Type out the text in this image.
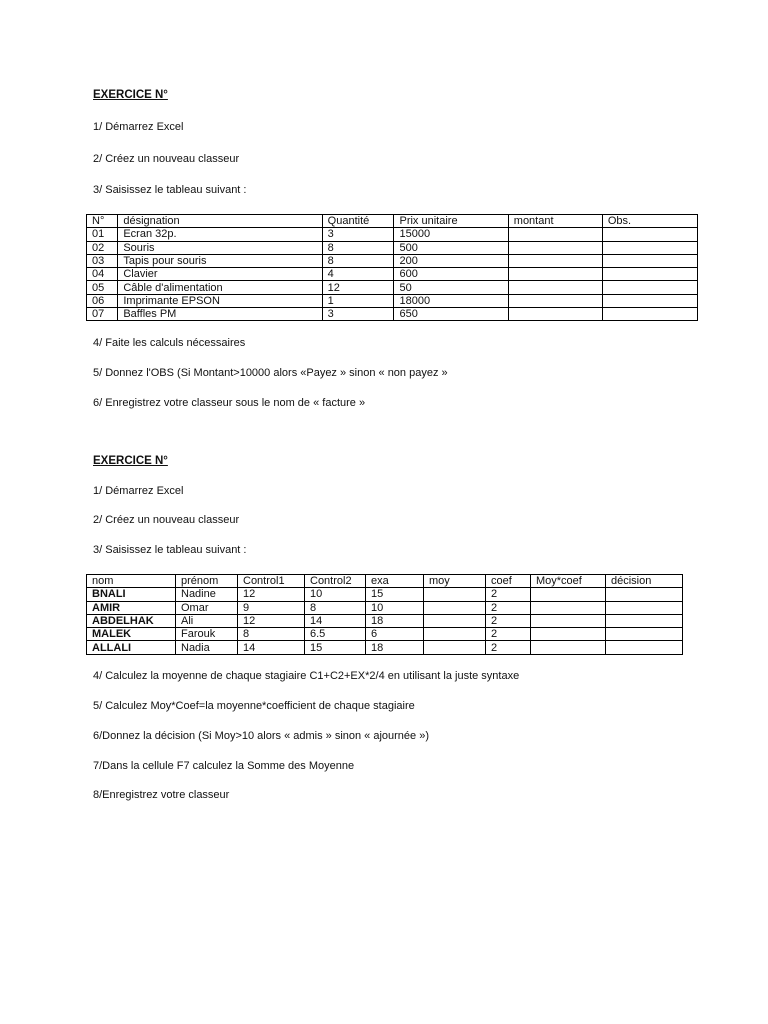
EXERCICE N°
1/ Démarrez Excel
2/ Créez un nouveau classeur
3/ Saisissez le tableau suivant :
N°	désignation	Quantité	Prix unitaire	montant	Obs.
01	Ecran 32p.	3	15000		
02	Souris	8	500		
03	Tapis pour souris	8	200		
04	Clavier	4	600		
05	Câble d'alimentation	12	50		
06	Imprimante EPSON	1	18000		
07	Baffles PM	3	650		
4/ Faite les calculs nécessaires
5/ Donnez l'OBS (Si Montant>10000 alors «Payez » sinon « non payez »
6/ Enregistrez votre classeur sous le nom de « facture »
EXERCICE N°
1/ Démarrez Excel
2/ Créez un nouveau classeur
3/ Saisissez le tableau suivant :
nom	prénom	Control1	Control2	exa	moy	coef	Moy*coef	décision
BNALI	Nadine	12	10	15		2		
AMIR	Omar	9	8	10		2		
ABDELHAK	Ali	12	14	18		2		
MALEK	Farouk	8	6.5	6		2		
ALLALI	Nadia	14	15	18		2		
4/ Calculez la moyenne de chaque stagiaire C1+C2+EX*2/4 en utilisant la juste syntaxe
5/ Calculez Moy*Coef=la moyenne*coefficient de chaque stagiaire
6/Donnez la décision (Si Moy>10 alors « admis » sinon « ajournée »)
7/Dans la cellule F7 calculez la Somme des Moyenne
8/Enregistrez votre classeur
